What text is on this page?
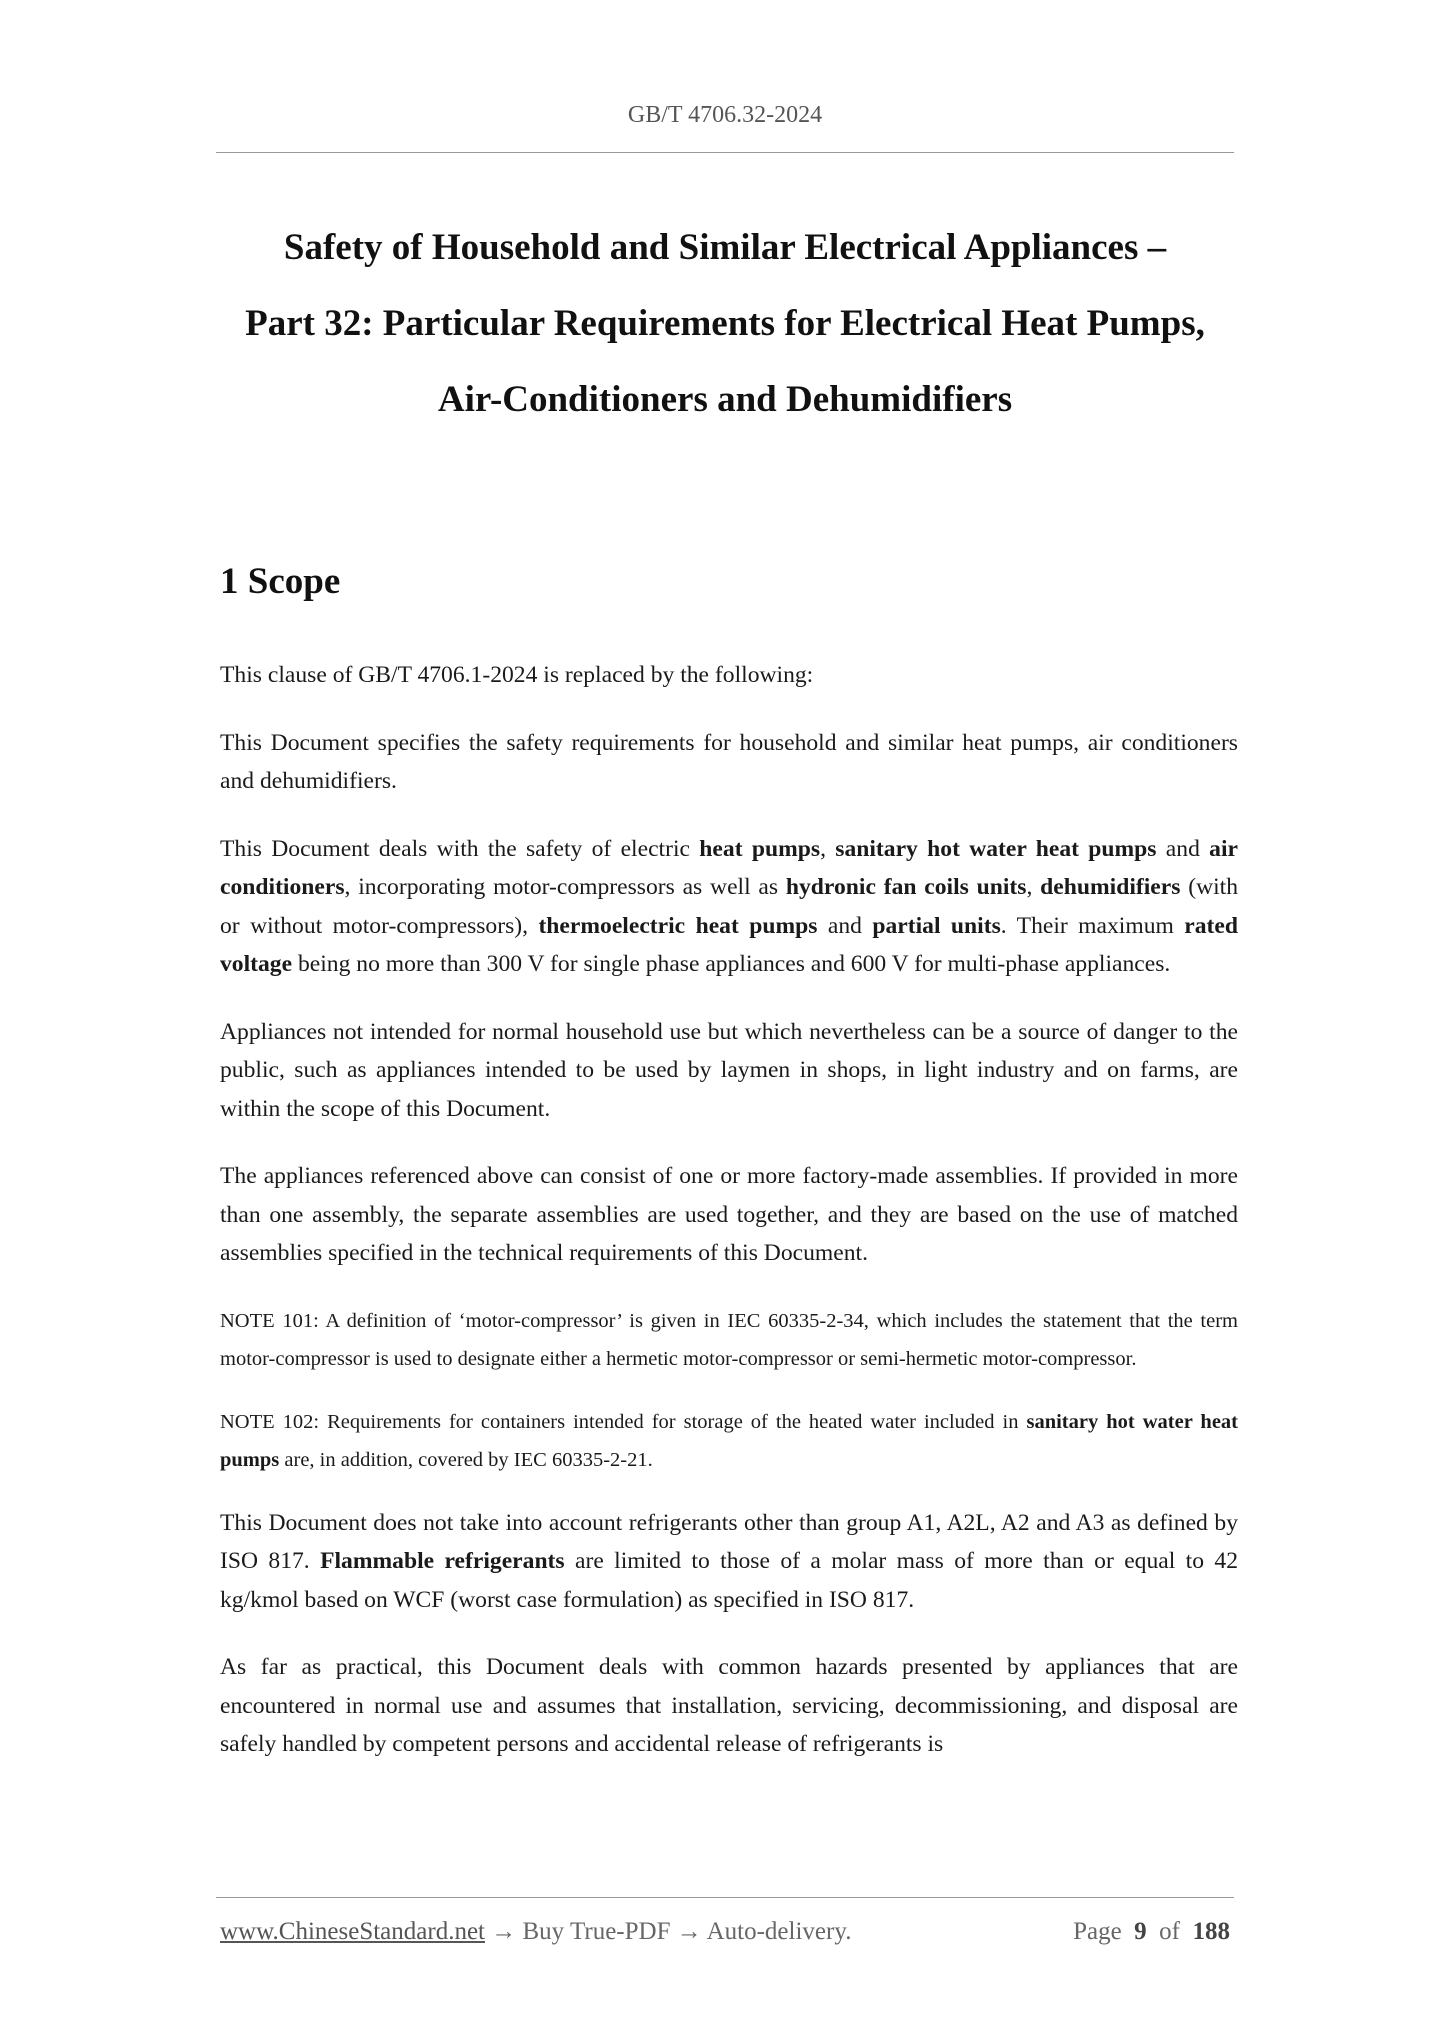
GB/T 4706.32-2024
Safety of Household and Similar Electrical Appliances –
Part 32: Particular Requirements for Electrical Heat Pumps,
Air-Conditioners and Dehumidifiers
1 Scope

This clause of GB/T 4706.1-2024 is replaced by the following:

This Document specifies the safety requirements for household and similar heat pumps, air conditioners and dehumidifiers.

This Document deals with the safety of electric heat pumps, sanitary hot water heat pumps and air conditioners, incorporating motor-compressors as well as hydronic fan coils units, dehumidifiers (with or without motor-compressors), thermoelectric heat pumps and partial units. Their maximum rated voltage being no more than 300 V for single phase appliances and 600 V for multi-phase appliances.

Appliances not intended for normal household use but which nevertheless can be a source of danger to the public, such as appliances intended to be used by laymen in shops, in light industry and on farms, are within the scope of this Document.

The appliances referenced above can consist of one or more factory-made assemblies. If provided in more than one assembly, the separate assemblies are used together, and they are based on the use of matched assemblies specified in the technical requirements of this Document.

NOTE 101: A definition of ‘motor-compressor’ is given in IEC 60335-2-34, which includes the statement that the term motor-compressor is used to designate either a hermetic motor-compressor or semi-hermetic motor-compressor.

NOTE 102: Requirements for containers intended for storage of the heated water included in sanitary hot water heat pumps are, in addition, covered by IEC 60335-2-21.

This Document does not take into account refrigerants other than group A1, A2L, A2 and A3 as defined by ISO 817. Flammable refrigerants are limited to those of a molar mass of more than or equal to 42 kg/kmol based on WCF (worst case formulation) as specified in ISO 817.

As far as practical, this Document deals with common hazards presented by appliances that are encountered in normal use and assumes that installation, servicing, decommissioning, and disposal are safely handled by competent persons and accidental release of refrigerants is

www.ChineseStandard.net → Buy True-PDF → Auto-delivery.	Page 9 of 188
